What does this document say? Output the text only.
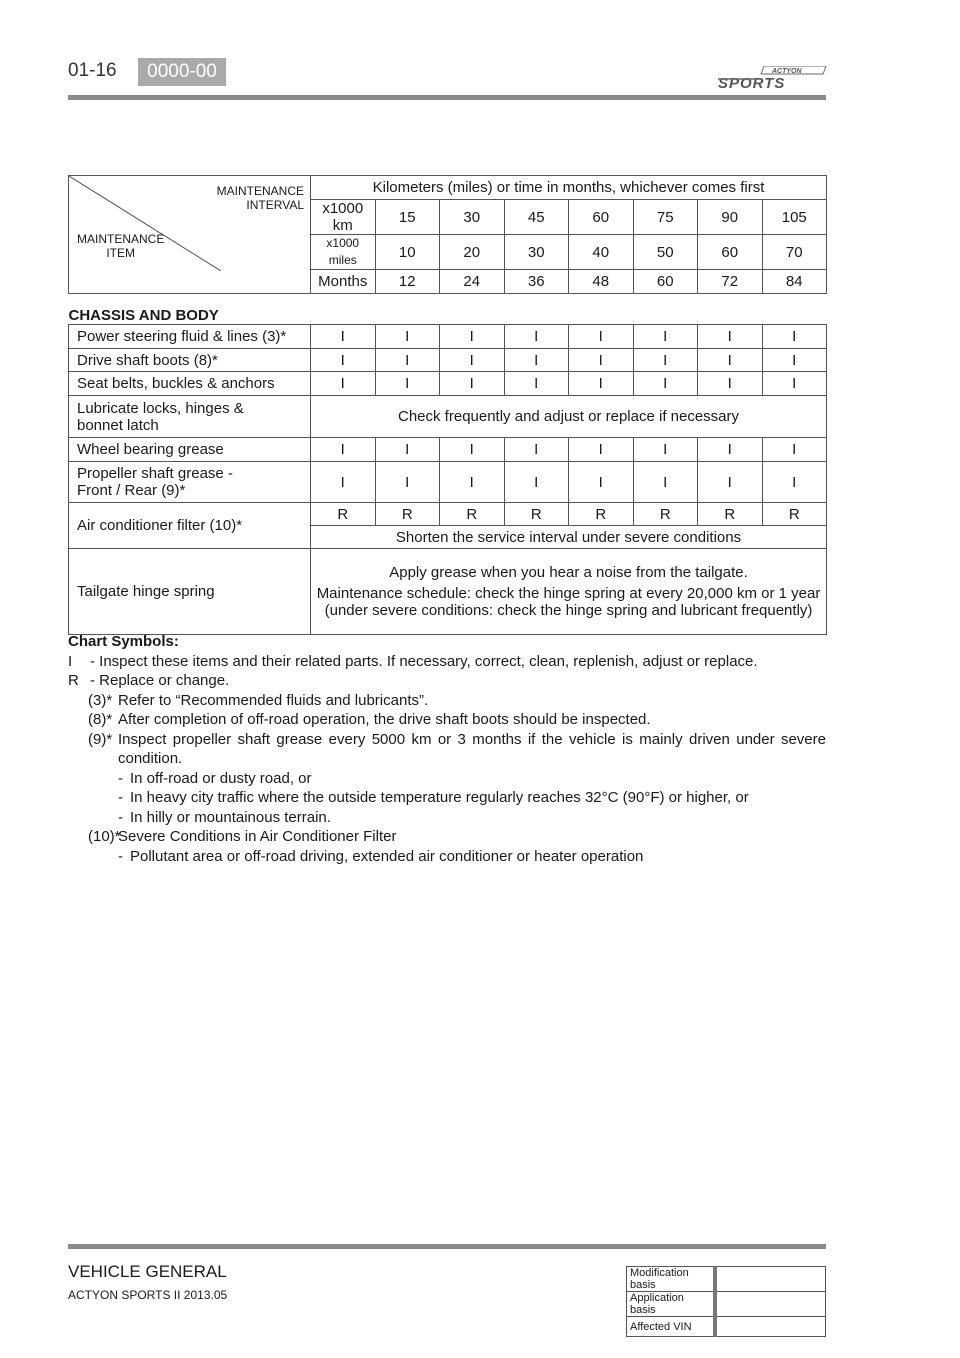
01-16	0000-00	ACTYON
SPORTS
MAINTENANCE
INTERVAL
MAINTENANCE
ITEM	Kilometers (miles) or time in months, whichever comes first							
	x1000 km	15	30	45	60	75	90	105
	x1000 miles	10	20	30	40	50	60	70
	Months	12	24	36	48	60	72	84
CHASSIS AND BODY								
Power steering fluid & lines (3)*	I	I	I	I	I	I	I	I
Drive shaft boots (8)*	I	I	I	I	I	I	I	I
Seat belts, buckles & anchors	I	I	I	I	I	I	I	I
Lubricate locks, hinges &
bonnet latch	Check frequently and adjust or replace if necessary							
Wheel bearing grease	I	I	I	I	I	I	I	I
Propeller shaft grease -
Front / Rear (9)*	I	I	I	I	I	I	I	I
Air conditioner filter (10)*	R	R	R	R	R	R	R	R
	Shorten the service interval under severe conditions							
Tailgate hinge spring	Apply grease when you hear a noise from the tailgate.
Maintenance schedule: check the hinge spring at every 20,000 km or 1 year (under severe conditions: check the hinge spring and lubricant frequently)							
Chart Symbols:
I	- Inspect these items and their related parts. If necessary, correct, clean, replenish, adjust or replace.
R - Replace or change.
(3)* Refer to “Recommended fluids and lubricants”.
(8)* After completion of off-road operation, the drive shaft boots should be inspected.
(9)* Inspect propeller shaft grease every 5000 km or 3 months if the vehicle is mainly driven under severe condition.
- In off-road or dusty road, or
- In heavy city traffic where the outside temperature regularly reaches 32°C (90°F) or higher, or
- In hilly or mountainous terrain.
(10)*
Severe Conditions in Air Conditioner Filter
- Pollutant area or off-road driving, extended air conditioner or heater operation
VEHICLE GENERAL
ACTYON SPORTS II 2013.05
Modification basis	
Application basis	
Affected VIN	
